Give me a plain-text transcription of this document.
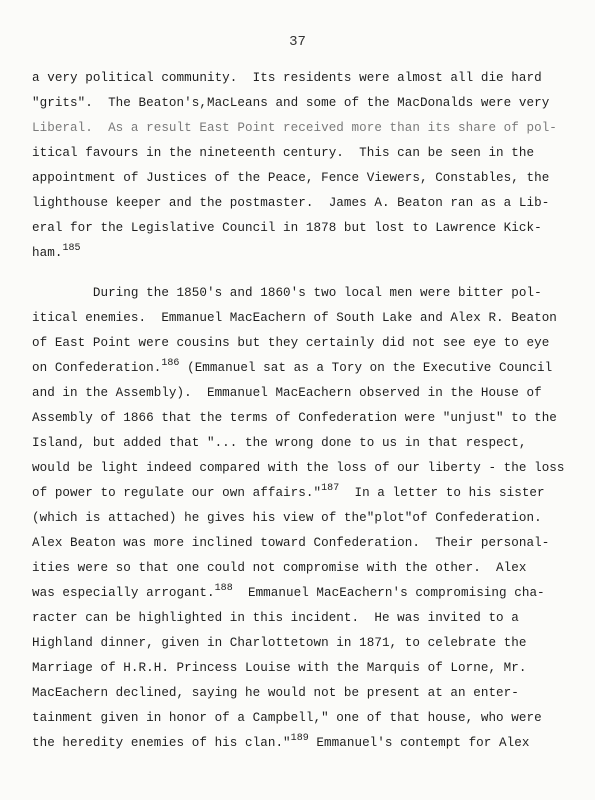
37
a very political community.  Its residents were almost all die hard
"grits".  The Beaton's,MacLeans and some of the MacDonalds were very
Liberal.  As a result East Point received more than its share of pol-
itical favours in the nineteenth century.  This can be seen in the
appointment of Justices of the Peace, Fence Viewers, Constables, the
lighthouse keeper and the postmaster.  James A. Beaton ran as a Lib-
eral for the Legislative Council in 1878 but lost to Lawrence Kick-
ham.$^{185}$
During the 1850's and 1860's two local men were bitter pol-
itical enemies.  Emmanuel MacEachern of South Lake and Alex R. Beaton
of East Point were cousins but they certainly did not see eye to eye
on Confederation.$^{186}$ (Emmanuel sat as a Tory on the Executive Council
and in the Assembly).  Emmanuel MacEachern observed in the House of
Assembly of 1866 that the terms of Confederation were "unjust" to the
Island, but added that "... the wrong done to us in that respect,
would be light indeed compared with the loss of our liberty - the loss
of power to regulate our own affairs."$^{187}$  In a letter to his sister
(which is attached) he gives his view of the"plot"of Confederation.
Alex Beaton was more inclined toward Confederation.  Their personal-
ities were so that one could not compromise with the other.  Alex
was especially arrogant.$^{188}$  Emmanuel MacEachern's compromising cha-
racter can be highlighted in this incident.  He was invited to a
Highland dinner, given in Charlottetown in 1871, to celebrate the
Marriage of H.R.H. Princess Louise with the Marquis of Lorne, Mr.
MacEachern declined, saying he would not be present at an enter-
tainment given in honor of a Campbell," one of that house, who were
the heredity enemies of his clan."$^{189}$ Emmanuel's contempt for Alex
